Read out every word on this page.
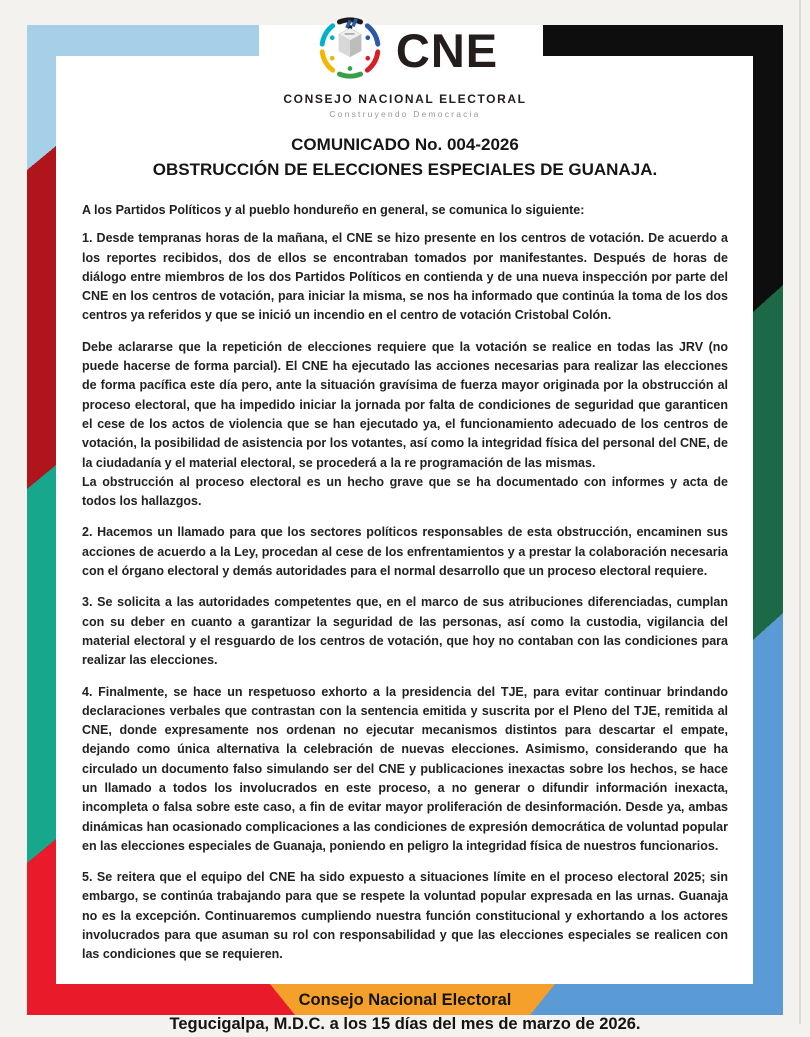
CNE
CONSEJO NACIONAL ELECTORAL
Construyendo Democracia
COMUNICADO No. 004-2026
OBSTRUCCIÓN DE ELECCIONES ESPECIALES DE GUANAJA.
A los Partidos Políticos y al pueblo hondureño en general, se comunica lo siguiente:

1. Desde tempranas horas de la mañana, el CNE se hizo presente en los centros de votación. De acuerdo a los reportes recibidos, dos de ellos se encontraban tomados por manifestantes. Después de horas de diálogo entre miembros de los dos Partidos Políticos en contienda y de una nueva inspección por parte del CNE en los centros de votación, para iniciar la misma, se nos ha informado que continúa la toma de los dos centros ya referidos y que se inició un incendio en el centro de votación Cristobal Colón.

Debe aclararse que la repetición de elecciones requiere que la votación se realice en todas las JRV (no puede hacerse de forma parcial). El CNE ha ejecutado las acciones necesarias para realizar las elecciones de forma pacífica este día pero, ante la situación gravísima de fuerza mayor originada por la obstrucción al proceso electoral, que ha impedido iniciar la jornada por falta de condiciones de seguridad que garanticen el cese de los actos de violencia que se han ejecutado ya, el funcionamiento adecuado de los centros de votación, la posibilidad de asistencia por los votantes, así como la integridad física del personal del CNE, de la ciudadanía y el material electoral, se procederá a la re programación de las mismas.

La obstrucción al proceso electoral es un hecho grave que se ha documentado con informes y acta de todos los hallazgos.

2. Hacemos un llamado para que los sectores políticos responsables de esta obstrucción, encaminen sus acciones de acuerdo a la Ley, procedan al cese de los enfrentamientos y a prestar la colaboración necesaria con el órgano electoral y demás autoridades para el normal desarrollo que un proceso electoral requiere.

3. Se solicita a las autoridades competentes que, en el marco de sus atribuciones diferenciadas, cumplan con su deber en cuanto a garantizar la seguridad de las personas, así como la custodia, vigilancia del material electoral y el resguardo de los centros de votación, que hoy no contaban con las condiciones para realizar las elecciones.

4. Finalmente, se hace un respetuoso exhorto a la presidencia del TJE, para evitar continuar brindando declaraciones verbales que contrastan con la sentencia emitida y suscrita por el Pleno del TJE, remitida al CNE, donde expresamente nos ordenan no ejecutar mecanismos distintos para descartar el empate, dejando como única alternativa la celebración de nuevas elecciones. Asimismo, considerando que ha circulado un documento falso simulando ser del CNE y publicaciones inexactas sobre los hechos, se hace un llamado a todos los involucrados en este proceso, a no generar o difundir información inexacta, incompleta o falsa sobre este caso, a fin de evitar mayor proliferación de desinformación. Desde ya, ambas dinámicas han ocasionado complicaciones a las condiciones de expresión democrática de voluntad popular en las elecciones especiales de Guanaja, poniendo en peligro la integridad física de nuestros funcionarios.

5. Se reitera que el equipo del CNE ha sido expuesto a situaciones límite en el proceso electoral 2025; sin embargo, se continúa trabajando para que se respete la voluntad popular expresada en las urnas. Guanaja no es la excepción. Continuaremos cumpliendo nuestra función constitucional y exhortando a los actores involucrados para que asuman su rol con responsabilidad y que las elecciones especiales se realicen con las condiciones que se requieren.

Consejo Nacional Electoral
Tegucigalpa, M.D.C. a los 15 días del mes de marzo de 2026.
